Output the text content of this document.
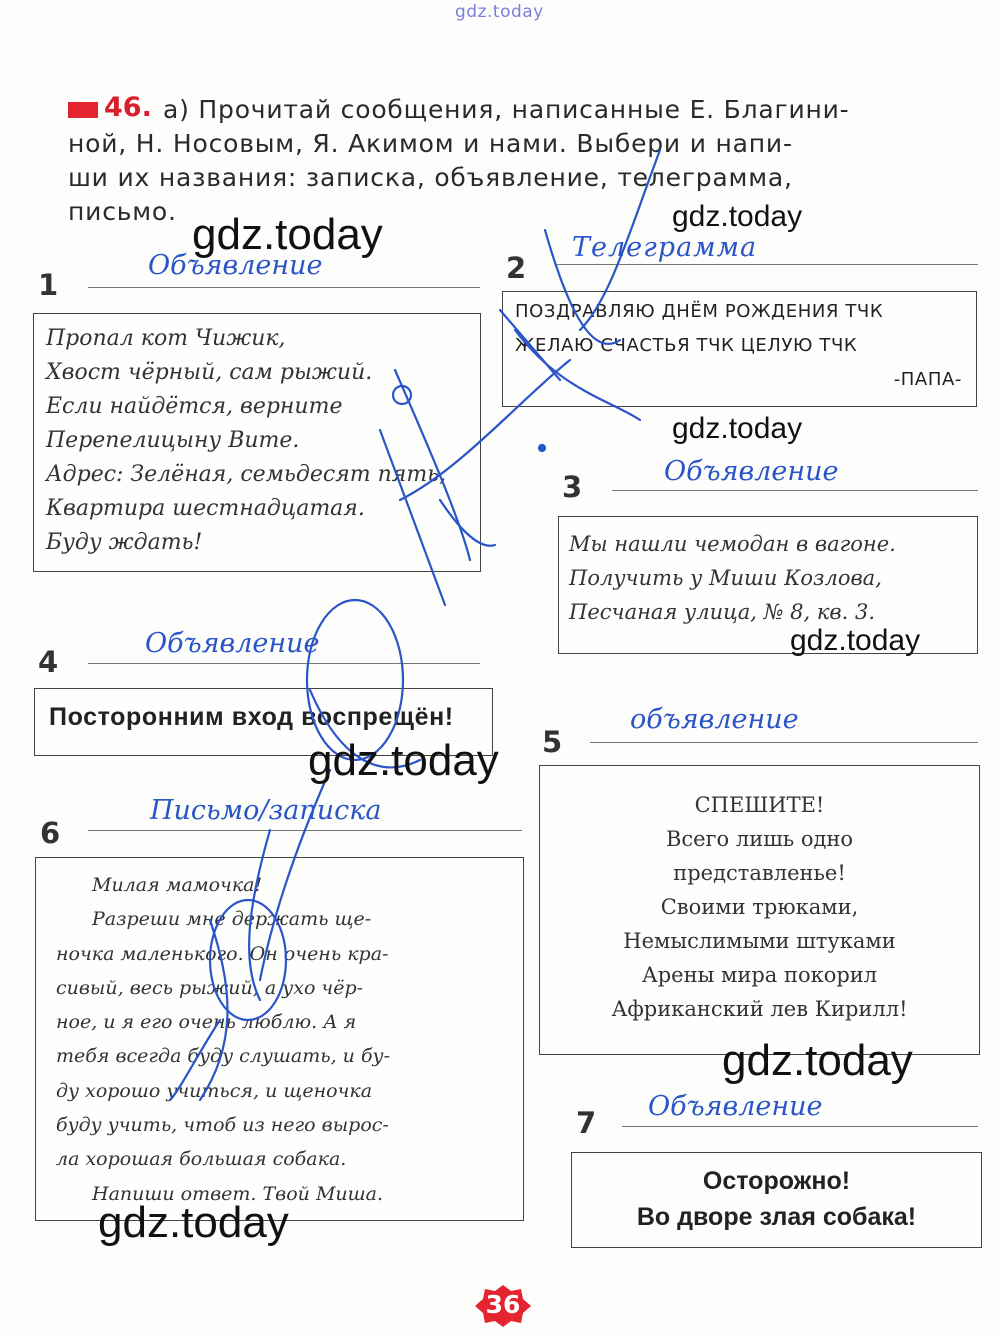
gdz.today
46. а) Прочитай сообщения, написанные Е. Благини-

ной, Н. Носовым, Я. Акимом и нами. Выбери и напи-

ши их названия: записка, объявление, телеграмма,

письмо.

1
Объявление

Пропал кот Чижик,

Хвост чёрный, сам рыжий.

Если найдётся, верните

Перепелицыну Вите.

Адрес: Зелёная, семьдесят пять,

Квартира шестнадцатая.

Буду ждать!

2
Телеграмма

ПОЗДРАВЛЯЮ ДНЁМ РОЖДЕНИЯ ТЧК

ЖЕЛАЮ СЧАСТЬЯ ТЧК ЦЕЛУЮ ТЧК

-ПАПА-

3	Объявление

Мы нашли чемодан в вагоне.

Получить у Миши Козлова,

Песчаная улица, № 8, кв. 3.

4
Объявление
Посторонним вход воспрещён!
5
объявление

СПЕШИТЕ!

Всего лишь одно

представленье!

Своими трюками,

Немыслимыми штуками

Арены мира покорил

Африканский лев Кирилл!

6
Письмо/записка

Милая мамочка!

Разреши мне держать ще-

ночка маленького. Он очень кра-

сивый, весь рыжий, а ухо чёр-

ное, и я его очень люблю. А я

тебя всегда буду слушать, и бу-

ду хорошо учиться, и щеночка

буду учить, чтоб из него вырос-

ла хорошая большая собака.

Напиши ответ. Твой Миша.

7 Объявление
Осторожно!
Во дворе злая собака!
gdz.today	gdz.today
gdz.today
gdz.today
gdz.today
gdz.today
gdz.today
36
